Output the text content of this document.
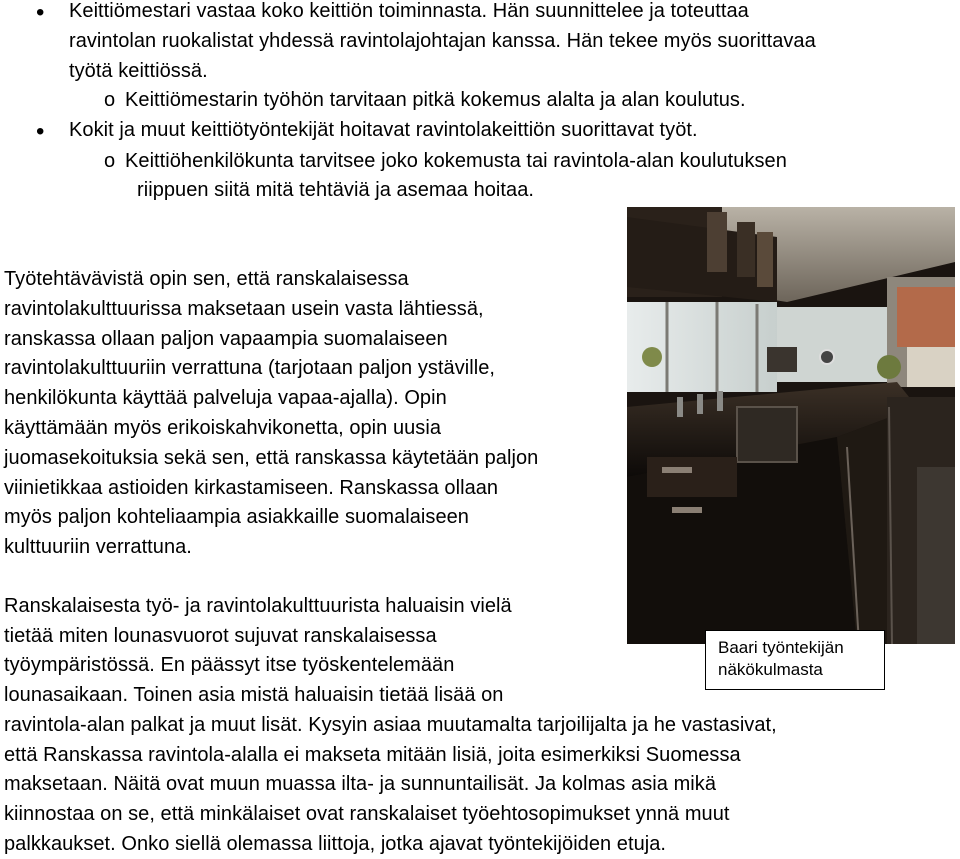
• Keittiömestari vastaa koko keittiön toiminnasta. Hän suunnittelee ja toteuttaa
ravintolan ruokalistat yhdessä ravintolajohtajan kanssa. Hän tekee myös suorittavaa
työtä keittiössä.
o Keittiömestarin työhön tarvitaan pitkä kokemus alalta ja alan koulutus.
• Kokit ja muut keittiötyöntekijät hoitavat ravintolakeittiön suorittavat työt.
o Keittiöhenkilökunta tarvitsee joko kokemusta tai ravintola-alan koulutuksen
riippuen siitä mitä tehtäviä ja asemaa hoitaa.
Työtehtävävistä opin sen, että ranskalaisessa
ravintolakulttuurissa maksetaan usein vasta lähtiessä,
ranskassa ollaan paljon vapaampia suomalaiseen
ravintolakulttuuriin verrattuna (tarjotaan paljon ystäville,
henkilökunta käyttää palveluja vapaa-ajalla). Opin
käyttämään myös erikoiskahvikonetta, opin uusia
juomasekoituksia sekä sen, että ranskassa käytetään paljon
viinietikkaa astioiden kirkastamiseen. Ranskassa ollaan
myös paljon kohteliaampia asiakkaille suomalaiseen
kulttuuriin verrattuna.
Baari työntekijän
näkökulmasta
Ranskalaisesta työ- ja ravintolakulttuurista haluaisin vielä
tietää miten lounasvuorot sujuvat ranskalaisessa
työympäristössä. En päässyt itse työskentelemään
lounasaikaan. Toinen asia mistä haluaisin tietää lisää on
ravintola-alan palkat ja muut lisät. Kysyin asiaa muutamalta tarjoilijalta ja he vastasivat,
että Ranskassa ravintola-alalla ei makseta mitään lisiä, joita esimerkiksi Suomessa
maksetaan. Näitä ovat muun muassa ilta- ja sunnuntailisät. Ja kolmas asia mikä
kiinnostaa on se, että minkälaiset ovat ranskalaiset työehtosopimukset ynnä muut
palkkaukset. Onko siellä olemassa liittoja, jotka ajavat työntekijöiden etuja.
